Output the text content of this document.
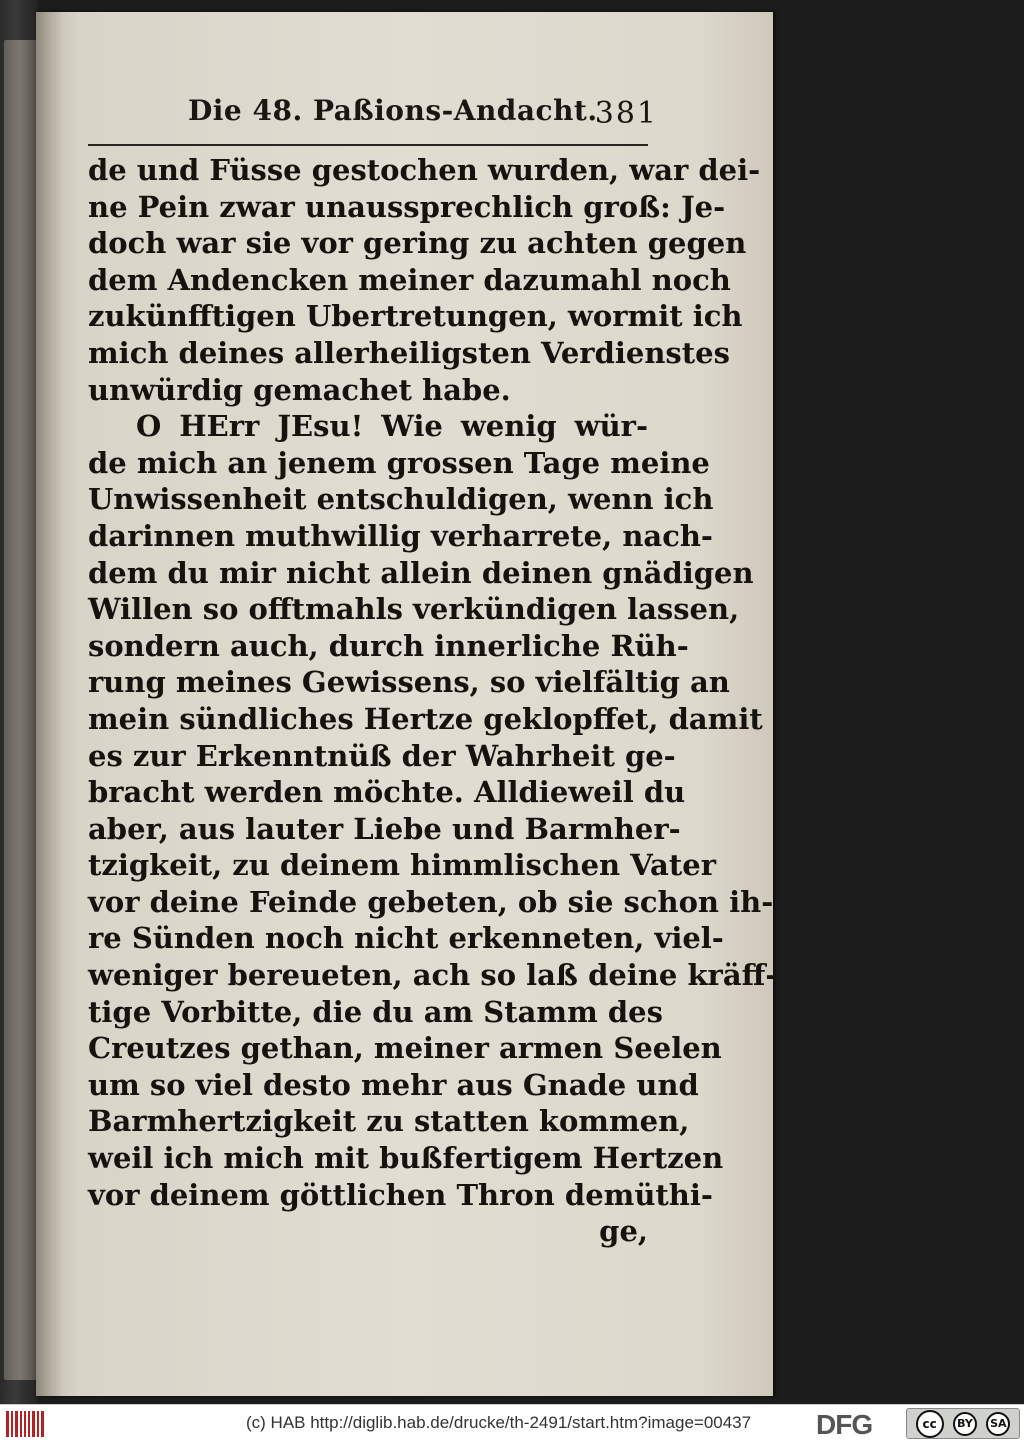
Die 48. Paßions-Andacht.
381
de und Füsse gestochen wurden, war dei-
ne Pein zwar unaussprechlich groß: Je-
doch war sie vor gering zu achten gegen
dem Andencken meiner dazumahl noch
zukünfftigen Ubertretungen, wormit ich
mich deines allerheiligsten Verdienstes
unwürdig gemachet habe.
O HErr JEsu! Wie wenig wür-
de mich an jenem grossen Tage meine
Unwissenheit entschuldigen, wenn ich
darinnen muthwillig verharrete, nach-
dem du mir nicht allein deinen gnädigen
Willen so offtmahls verkündigen lassen,
sondern auch, durch innerliche Rüh-
rung meines Gewissens, so vielfältig an
mein sündliches Hertze geklopffet, damit
es zur Erkenntnüß der Wahrheit ge-
bracht werden möchte. Alldieweil du
aber, aus lauter Liebe und Barmher-
tzigkeit, zu deinem himmlischen Vater
vor deine Feinde gebeten, ob sie schon ih-
re Sünden noch nicht erkenneten, viel-
weniger bereueten, ach so laß deine kräff-
tige Vorbitte, die du am Stamm des
Creutzes gethan, meiner armen Seelen
um so viel desto mehr aus Gnade und
Barmhertzigkeit zu statten kommen,
weil ich mich mit bußfertigem Hertzen
vor deinem göttlichen Thron demüthi-
ge,
(c) HAB http://diglib.hab.de/drucke/th-2491/start.htm?image=00437 DFG	cc	BY	SA
